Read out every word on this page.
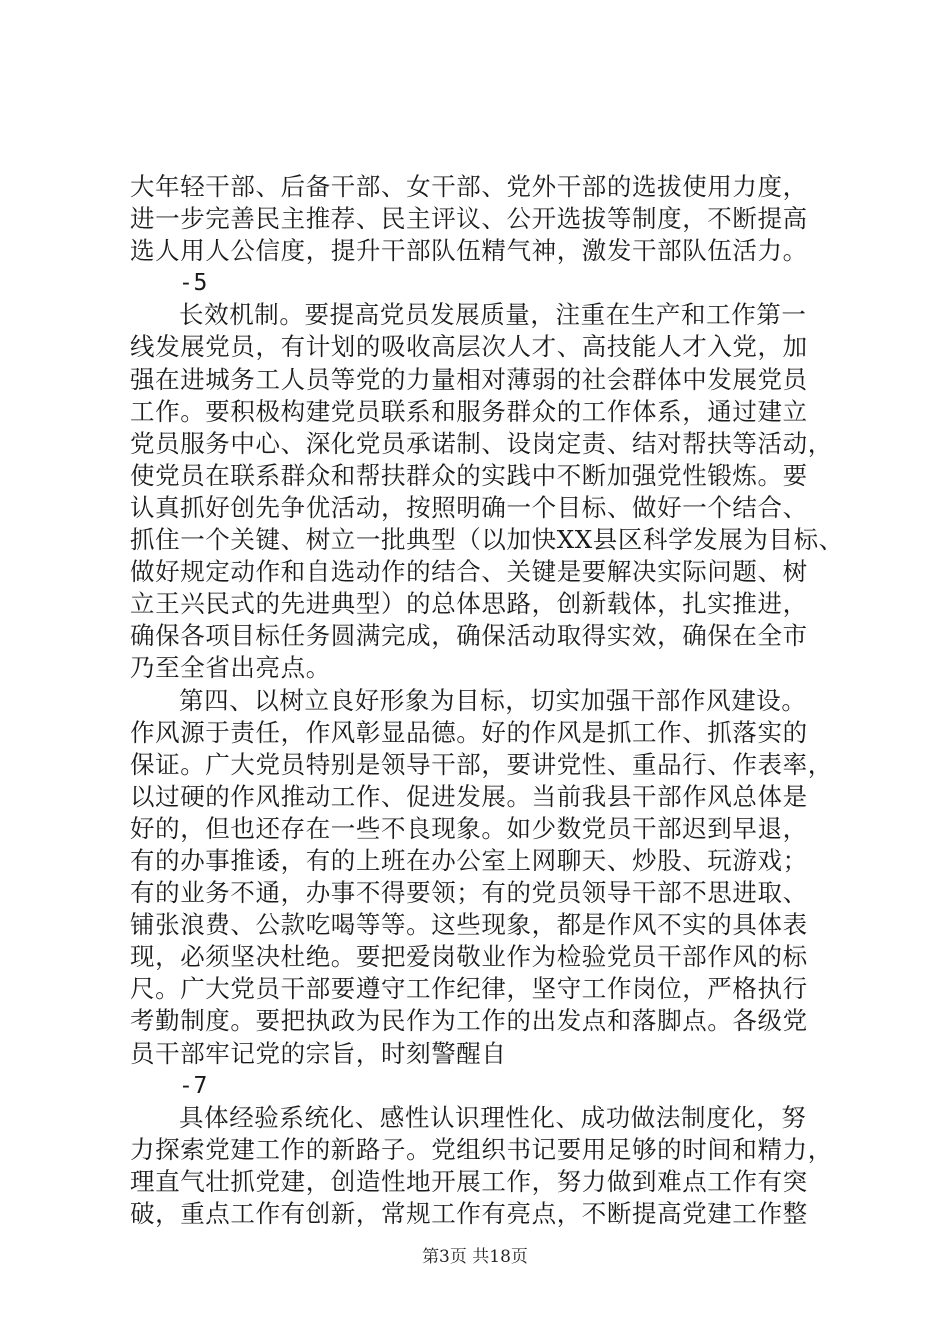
大年轻干部、后备干部、女干部、党外干部的选拔使用力度，
进一步完善民主推荐、民主评议、公开选拔等制度，不断提高
选人用人公信度，提升干部队伍精气神，激发干部队伍活力。
-5
长效机制。要提高党员发展质量，注重在生产和工作第一
线发展党员，有计划的吸收高层次人才、高技能人才入党，加
强在进城务工人员等党的力量相对薄弱的社会群体中发展党员
工作。要积极构建党员联系和服务群众的工作体系，通过建立
党员服务中心、深化党员承诺制、设岗定责、结对帮扶等活动，
使党员在联系群众和帮扶群众的实践中不断加强党性锻炼。要
认真抓好创先争优活动，按照明确一个目标、做好一个结合、
抓住一个关键、树立一批典型（以加快XX县区科学发展为目标、
做好规定动作和自选动作的结合、关键是要解决实际问题、树
立王兴民式的先进典型）的总体思路，创新载体，扎实推进，
确保各项目标任务圆满完成，确保活动取得实效，确保在全市
乃至全省出亮点。
第四、以树立良好形象为目标，切实加强干部作风建设。
作风源于责任，作风彰显品德。好的作风是抓工作、抓落实的
保证。广大党员特别是领导干部，要讲党性、重品行、作表率，
以过硬的作风推动工作、促进发展。当前我县干部作风总体是
好的，但也还存在一些不良现象。如少数党员干部迟到早退，
有的办事推诿，有的上班在办公室上网聊天、炒股、玩游戏；
有的业务不通，办事不得要领；有的党员领导干部不思进取、
铺张浪费、公款吃喝等等。这些现象，都是作风不实的具体表
现，必须坚决杜绝。要把爱岗敬业作为检验党员干部作风的标
尺。广大党员干部要遵守工作纪律，坚守工作岗位，严格执行
考勤制度。要把执政为民作为工作的出发点和落脚点。各级党
员干部牢记党的宗旨，时刻警醒自
-7
具体经验系统化、感性认识理性化、成功做法制度化，努
力探索党建工作的新路子。党组织书记要用足够的时间和精力，
理直气壮抓党建，创造性地开展工作，努力做到难点工作有突
破，重点工作有创新，常规工作有亮点，不断提高党建工作整
第3页 共18页
